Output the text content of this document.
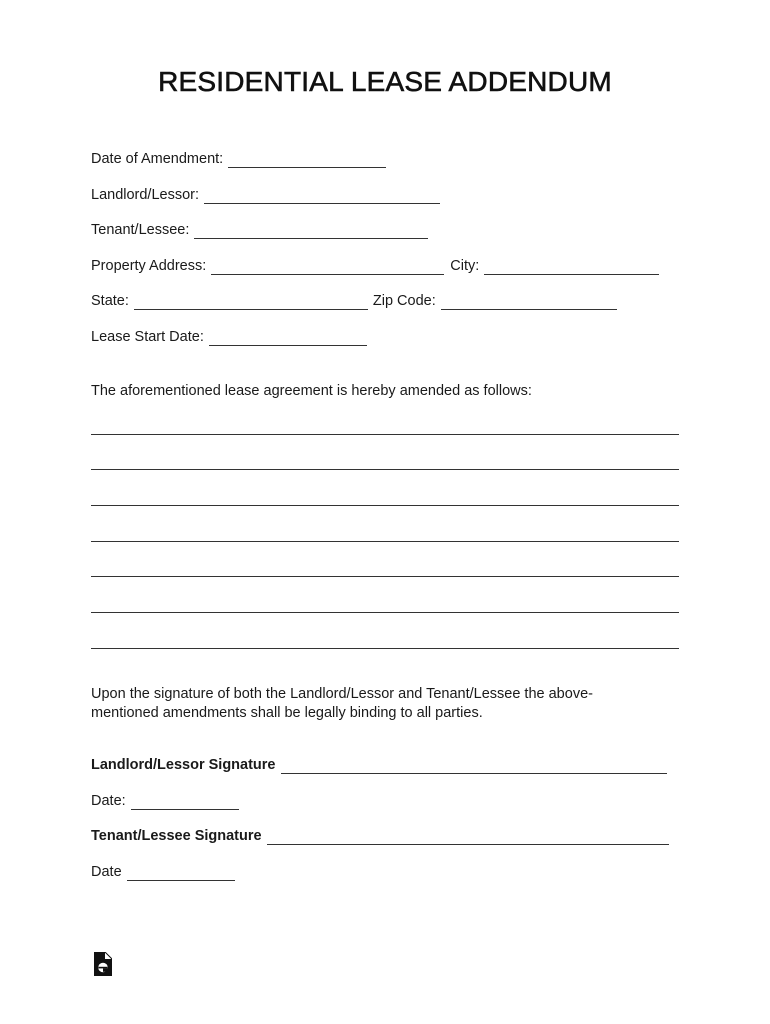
RESIDENTIAL LEASE ADDENDUM
Date of Amendment:
Landlord/Lessor:
Tenant/Lessee:
Property Address:	City:
State:	Zip Code:
Lease Start Date:
The aforementioned lease agreement is hereby amended as follows:
Upon the signature of both the Landlord/Lessor and Tenant/Lessee the above-
mentioned amendments shall be legally binding to all parties.
Landlord/Lessor Signature
Date:
Tenant/Lessee Signature
Date
